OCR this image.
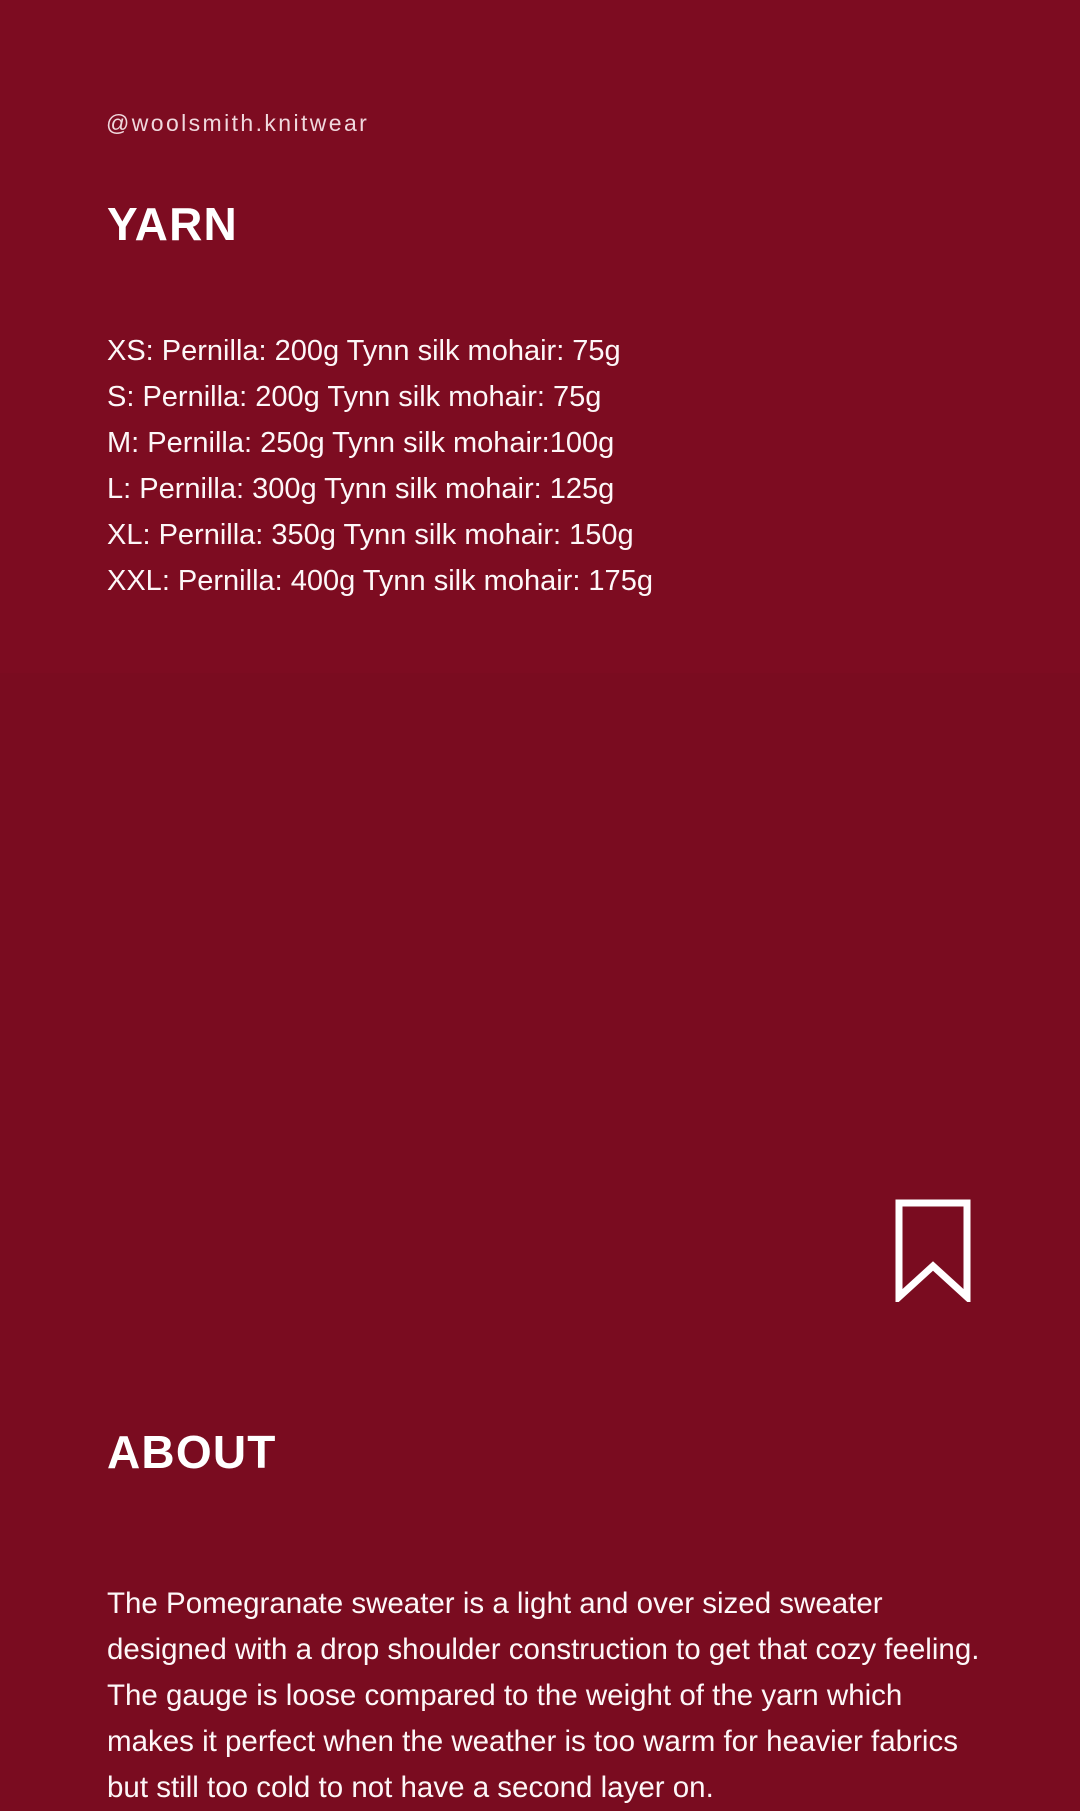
@woolsmith.knitwear
YARN
XS: Pernilla: 200g Tynn silk mohair: 75g
S: Pernilla: 200g Tynn silk mohair: 75g
M: Pernilla: 250g Tynn silk mohair:100g
L: Pernilla: 300g Tynn silk mohair: 125g
XL: Pernilla: 350g Tynn silk mohair: 150g
XXL: Pernilla: 400g Tynn silk mohair: 175g
ABOUT

The Pomegranate sweater is a light and over sized sweater designed with a drop shoulder construction to get that cozy feeling. The gauge is loose compared to the weight of the yarn which makes it perfect when the weather is too warm for heavier fabrics but still too cold to not have a second layer on.
